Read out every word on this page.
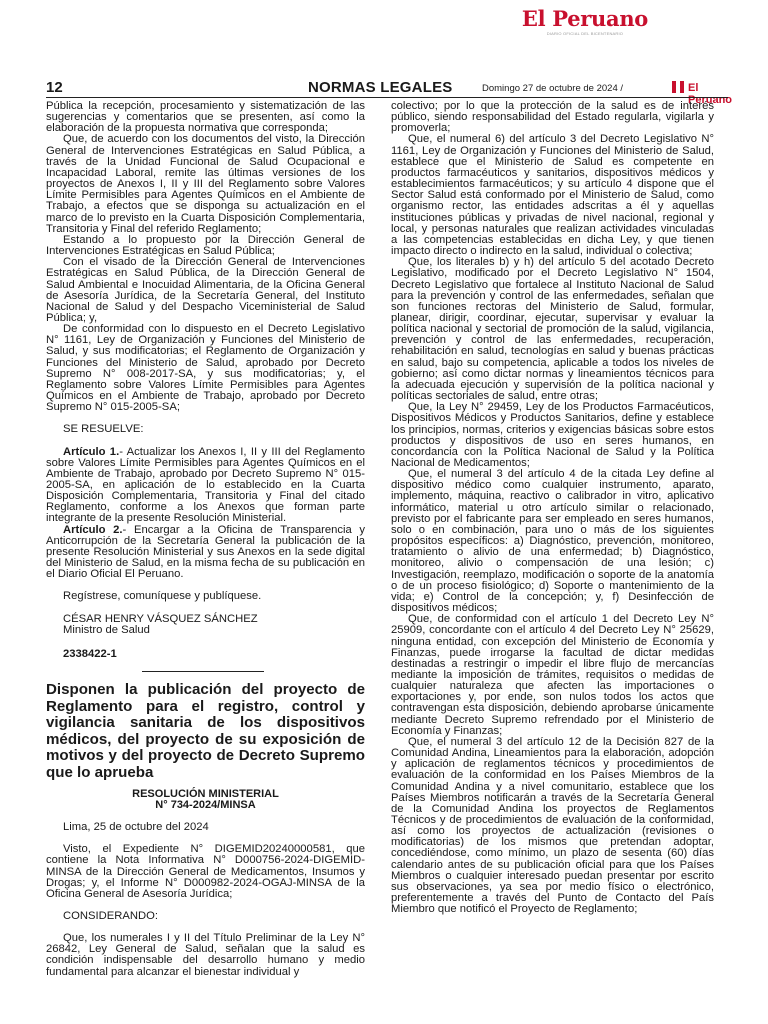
El Peruano
DIARIO OFICIAL DEL BICENTENARIO
12	NORMAS LEGALES	Domingo 27 de octubre de 2024 /	El Peruano

Pública la recepción, procesamiento y sistematización de las sugerencias y comentarios que se presenten, así como la elaboración de la propuesta normativa que corresponda;

Que, de acuerdo con los documentos del visto, la Dirección General de Intervenciones Estratégicas en Salud Pública, a través de la Unidad Funcional de Salud Ocupacional e Incapacidad Laboral, remite las últimas versiones de los proyectos de Anexos I, II y III del Reglamento sobre Valores Límite Permisibles para Agentes Químicos en el Ambiente de Trabajo, a efectos que se disponga su actualización en el marco de lo previsto en la Cuarta Disposición Complementaria, Transitoria y Final del referido Reglamento;

Estando a lo propuesto por la Dirección General de Intervenciones Estratégicas en Salud Pública;

Con el visado de la Dirección General de Intervenciones Estratégicas en Salud Pública, de la Dirección General de Salud Ambiental e Inocuidad Alimentaria, de la Oficina General de Asesoría Jurídica, de la Secretaría General, del Instituto Nacional de Salud y del Despacho Viceministerial de Salud Pública; y,

De conformidad con lo dispuesto en el Decreto Legislativo N° 1161, Ley de Organización y Funciones del Ministerio de Salud, y sus modificatorias; el Reglamento de Organización y Funciones del Ministerio de Salud, aprobado por Decreto Supremo N° 008-2017-SA, y sus modificatorias; y, el Reglamento sobre Valores Límite Permisibles para Agentes Químicos en el Ambiente de Trabajo, aprobado por Decreto Supremo N° 015-2005-SA;

SE RESUELVE:

Artículo 1.- Actualizar los Anexos I, II y III del Reglamento sobre Valores Límite Permisibles para Agentes Químicos en el Ambiente de Trabajo, aprobado por Decreto Supremo N° 015-2005-SA, en aplicación de lo establecido en la Cuarta Disposición Complementaria, Transitoria y Final del citado Reglamento, conforme a los Anexos que forman parte integrante de la presente Resolución Ministerial.

Artículo 2.- Encargar a la Oficina de Transparencia y Anticorrupción de la Secretaría General la publicación de la presente Resolución Ministerial y sus Anexos en la sede digital del Ministerio de Salud, en la misma fecha de su publicación en el Diario Oficial El Peruano.

Regístrese, comuníquese y publíquese.

CÉSAR HENRY VÁSQUEZ SÁNCHEZ

Ministro de Salud

2338422-1
Disponen la publicación del proyecto de Reglamento para el registro, control y vigilancia sanitaria de los dispositivos médicos, del proyecto de su exposición de motivos y del proyecto de Decreto Supremo que lo aprueba
RESOLUCIÓN MINISTERIAL
N° 734-2024/MINSA

Lima, 25 de octubre del 2024

Visto, el Expediente N° DIGEMID20240000581, que contiene la Nota Informativa N° D000756-2024-DIGEMID-MINSA de la Dirección General de Medicamentos, Insumos y Drogas; y, el Informe N° D000982-2024-OGAJ-MINSA de la Oficina General de Asesoría Jurídica;

CONSIDERANDO:

Que, los numerales I y II del Título Preliminar de la Ley N° 26842, Ley General de Salud, señalan que la salud es condición indispensable del desarrollo humano y medio fundamental para alcanzar el bienestar individual y

colectivo; por lo que la protección de la salud es de interés público, siendo responsabilidad del Estado regularla, vigilarla y promoverla;

Que, el numeral 6) del artículo 3 del Decreto Legislativo N° 1161, Ley de Organización y Funciones del Ministerio de Salud, establece que el Ministerio de Salud es competente en productos farmacéuticos y sanitarios, dispositivos médicos y establecimientos farmacéuticos; y su artículo 4 dispone que el Sector Salud está conformado por el Ministerio de Salud, como organismo rector, las entidades adscritas a él y aquellas instituciones públicas y privadas de nivel nacional, regional y local, y personas naturales que realizan actividades vinculadas a las competencias establecidas en dicha Ley, y que tienen impacto directo o indirecto en la salud, individual o colectiva;

Que, los literales b) y h) del artículo 5 del acotado Decreto Legislativo, modificado por el Decreto Legislativo N° 1504, Decreto Legislativo que fortalece al Instituto Nacional de Salud para la prevención y control de las enfermedades, señalan que son funciones rectoras del Ministerio de Salud, formular, planear, dirigir, coordinar, ejecutar, supervisar y evaluar la política nacional y sectorial de promoción de la salud, vigilancia, prevención y control de las enfermedades, recuperación, rehabilitación en salud, tecnologías en salud y buenas prácticas en salud, bajo su competencia, aplicable a todos los niveles de gobierno; así como dictar normas y lineamientos técnicos para la adecuada ejecución y supervisión de la política nacional y políticas sectoriales de salud, entre otras;

Que, la Ley N° 29459, Ley de los Productos Farmacéuticos, Dispositivos Médicos y Productos Sanitarios, define y establece los principios, normas, criterios y exigencias básicas sobre estos productos y dispositivos de uso en seres humanos, en concordancia con la Política Nacional de Salud y la Política Nacional de Medicamentos;

Que, el numeral 3 del artículo 4 de la citada Ley define al dispositivo médico como cualquier instrumento, aparato, implemento, máquina, reactivo o calibrador in vitro, aplicativo informático, material u otro artículo similar o relacionado, previsto por el fabricante para ser empleado en seres humanos, solo o en combinación, para uno o más de los siguientes propósitos específicos: a) Diagnóstico, prevención, monitoreo, tratamiento o alivio de una enfermedad; b) Diagnóstico, monitoreo, alivio o compensación de una lesión; c) Investigación, reemplazo, modificación o soporte de la anatomía o de un proceso fisiológico; d) Soporte o mantenimiento de la vida; e) Control de la concepción; y, f) Desinfección de dispositivos médicos;

Que, de conformidad con el artículo 1 del Decreto Ley N° 25909, concordante con el artículo 4 del Decreto Ley N° 25629, ninguna entidad, con excepción del Ministerio de Economía y Finanzas, puede irrogarse la facultad de dictar medidas destinadas a restringir o impedir el libre flujo de mercancías mediante la imposición de trámites, requisitos o medidas de cualquier naturaleza que afecten las importaciones o exportaciones y, por ende, son nulos todos los actos que contravengan esta disposición, debiendo aprobarse únicamente mediante Decreto Supremo refrendado por el Ministerio de Economía y Finanzas;

Que, el numeral 3 del artículo 12 de la Decisión 827 de la Comunidad Andina, Lineamientos para la elaboración, adopción y aplicación de reglamentos técnicos y procedimientos de evaluación de la conformidad en los Países Miembros de la Comunidad Andina y a nivel comunitario, establece que los Países Miembros notificarán a través de la Secretaría General de la Comunidad Andina los proyectos de Reglamentos Técnicos y de procedimientos de evaluación de la conformidad, así como los proyectos de actualización (revisiones o modificatorias) de los mismos que pretendan adoptar, concediéndose, como mínimo, un plazo de sesenta (60) días calendario antes de su publicación oficial para que los Países Miembros o cualquier interesado puedan presentar por escrito sus observaciones, ya sea por medio físico o electrónico, preferentemente a través del Punto de Contacto del País Miembro que notificó el Proyecto de Reglamento;
